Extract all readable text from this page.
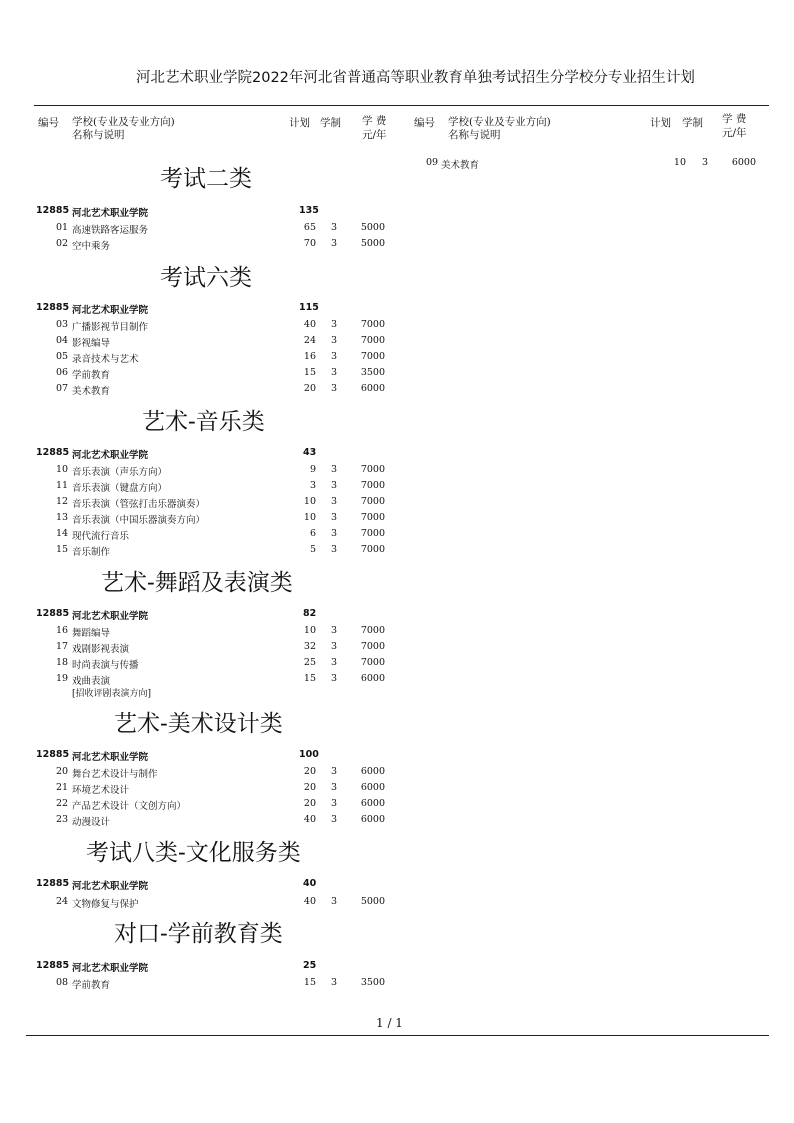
河北艺术职业学院2022年河北省普通高等职业教育单独考试招生分学校分专业招生计划
编号 学校(专业及专业方向)
名称与说明
计划 学制 学 费
元/年
编号 学校(专业及专业方向)
名称与说明
计划 学制 学 费
元/年
09 美术教育	10 3	6000
考试二类
12885 河北艺术职业学院	135
01 高速铁路客运服务	65 3	5000
02 空中乘务	70 3	5000
考试六类
12885 河北艺术职业学院	115
03 广播影视节目制作	40 3	7000
04 影视编导	24 3	7000
05 录音技术与艺术	16 3	7000
06 学前教育	15 3	3500
07 美术教育	20 3	6000
艺术-音乐类
12885 河北艺术职业学院	43
10 音乐表演（声乐方向）	9 3	7000
11 音乐表演（键盘方向）	3 3	7000
12 音乐表演（管弦打击乐器演奏）	10 3	7000
13 音乐表演（中国乐器演奏方向）	10 3	7000
14 现代流行音乐	6 3	7000
15 音乐制作	5 3	7000
艺术-舞蹈及表演类
12885 河北艺术职业学院	82
16 舞蹈编导	10 3	7000
17 戏剧影视表演	32 3	7000
18 时尚表演与传播	25 3	7000
19 戏曲表演	15 3	6000
[招收评剧表演方向]
艺术-美术设计类
12885 河北艺术职业学院	100
20 舞台艺术设计与制作	20 3	6000
21 环境艺术设计	20 3	6000
22 产品艺术设计（文创方向）	20 3	6000
23 动漫设计	40 3	6000
考试八类-文化服务类
12885 河北艺术职业学院	40
24 文物修复与保护	40 3	5000
对口-学前教育类
12885 河北艺术职业学院	25
08 学前教育	15 3	3500
1 / 1
